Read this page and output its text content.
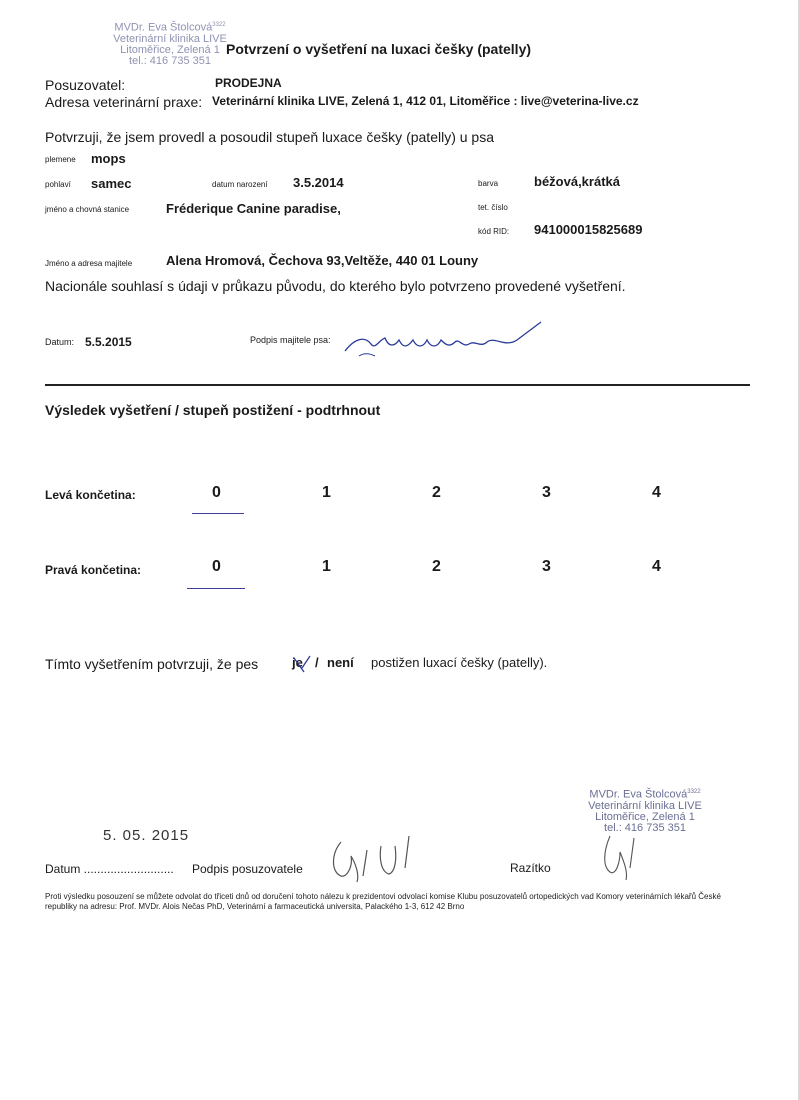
MVDr. Eva Štolcová$^{3322}$
Veterinární klinika LIVE
Litoměřice, Zelená 1
tel.: 416 735 351
Potvrzení o vyšetření na luxaci češky (patelly)
Posuzovatel:	PRODEJNA
Adresa veterinární praxe: Veterinární klinika LIVE, Zelená 1, 412 01, Litoměřice : live@veterina-live.cz
Potvrzuji, že jsem provedl a posoudil stupeň luxace češky (patelly) u psa
plemene mops
pohlaví samec	datum narození 3.5.2014	barva	béžová,krátká
jméno a chovná stanice	Fréderique Canine paradise,	tet. číslo
kód RID: 941000015825689
Jméno a adresa majitele	Alena Hromová, Čechova 93,Veltěže, 440 01 Louny
Nacionále souhlasí s údaji v průkazu původu, do kterého bylo potvrzeno provedené vyšetření.
Datum: 5.5.2015	Podpis majitele psa:
Výsledek vyšetření / stupeň postižení - podtrhnout
Levá končetina:	0	1	2	3	4
Pravá končetina:	0	1	2	3	4
Tímto vyšetřením potvrzuji, že pes	je / není postižen luxací češky (patelly).
MVDr. Eva Štolcová$^{3322}$
Veterinární klinika LIVE
Litoměřice, Zelená 1
tel.: 416 735 351
5. 05. 2015
Datum ........................... Podpis posuzovatele	Razítko
Proti výsledku posouzení se můžete odvolat do třiceti dnů od doručení tohoto nálezu k prezidentovi odvolací komise Klubu posuzovatelů ortopedických vad Komory veterinárních lékařů České republiky na adresu: Prof. MVDr. Alois Nečas PhD, Veterinární a farmaceutická universita, Palackého 1-3, 612 42 Brno
